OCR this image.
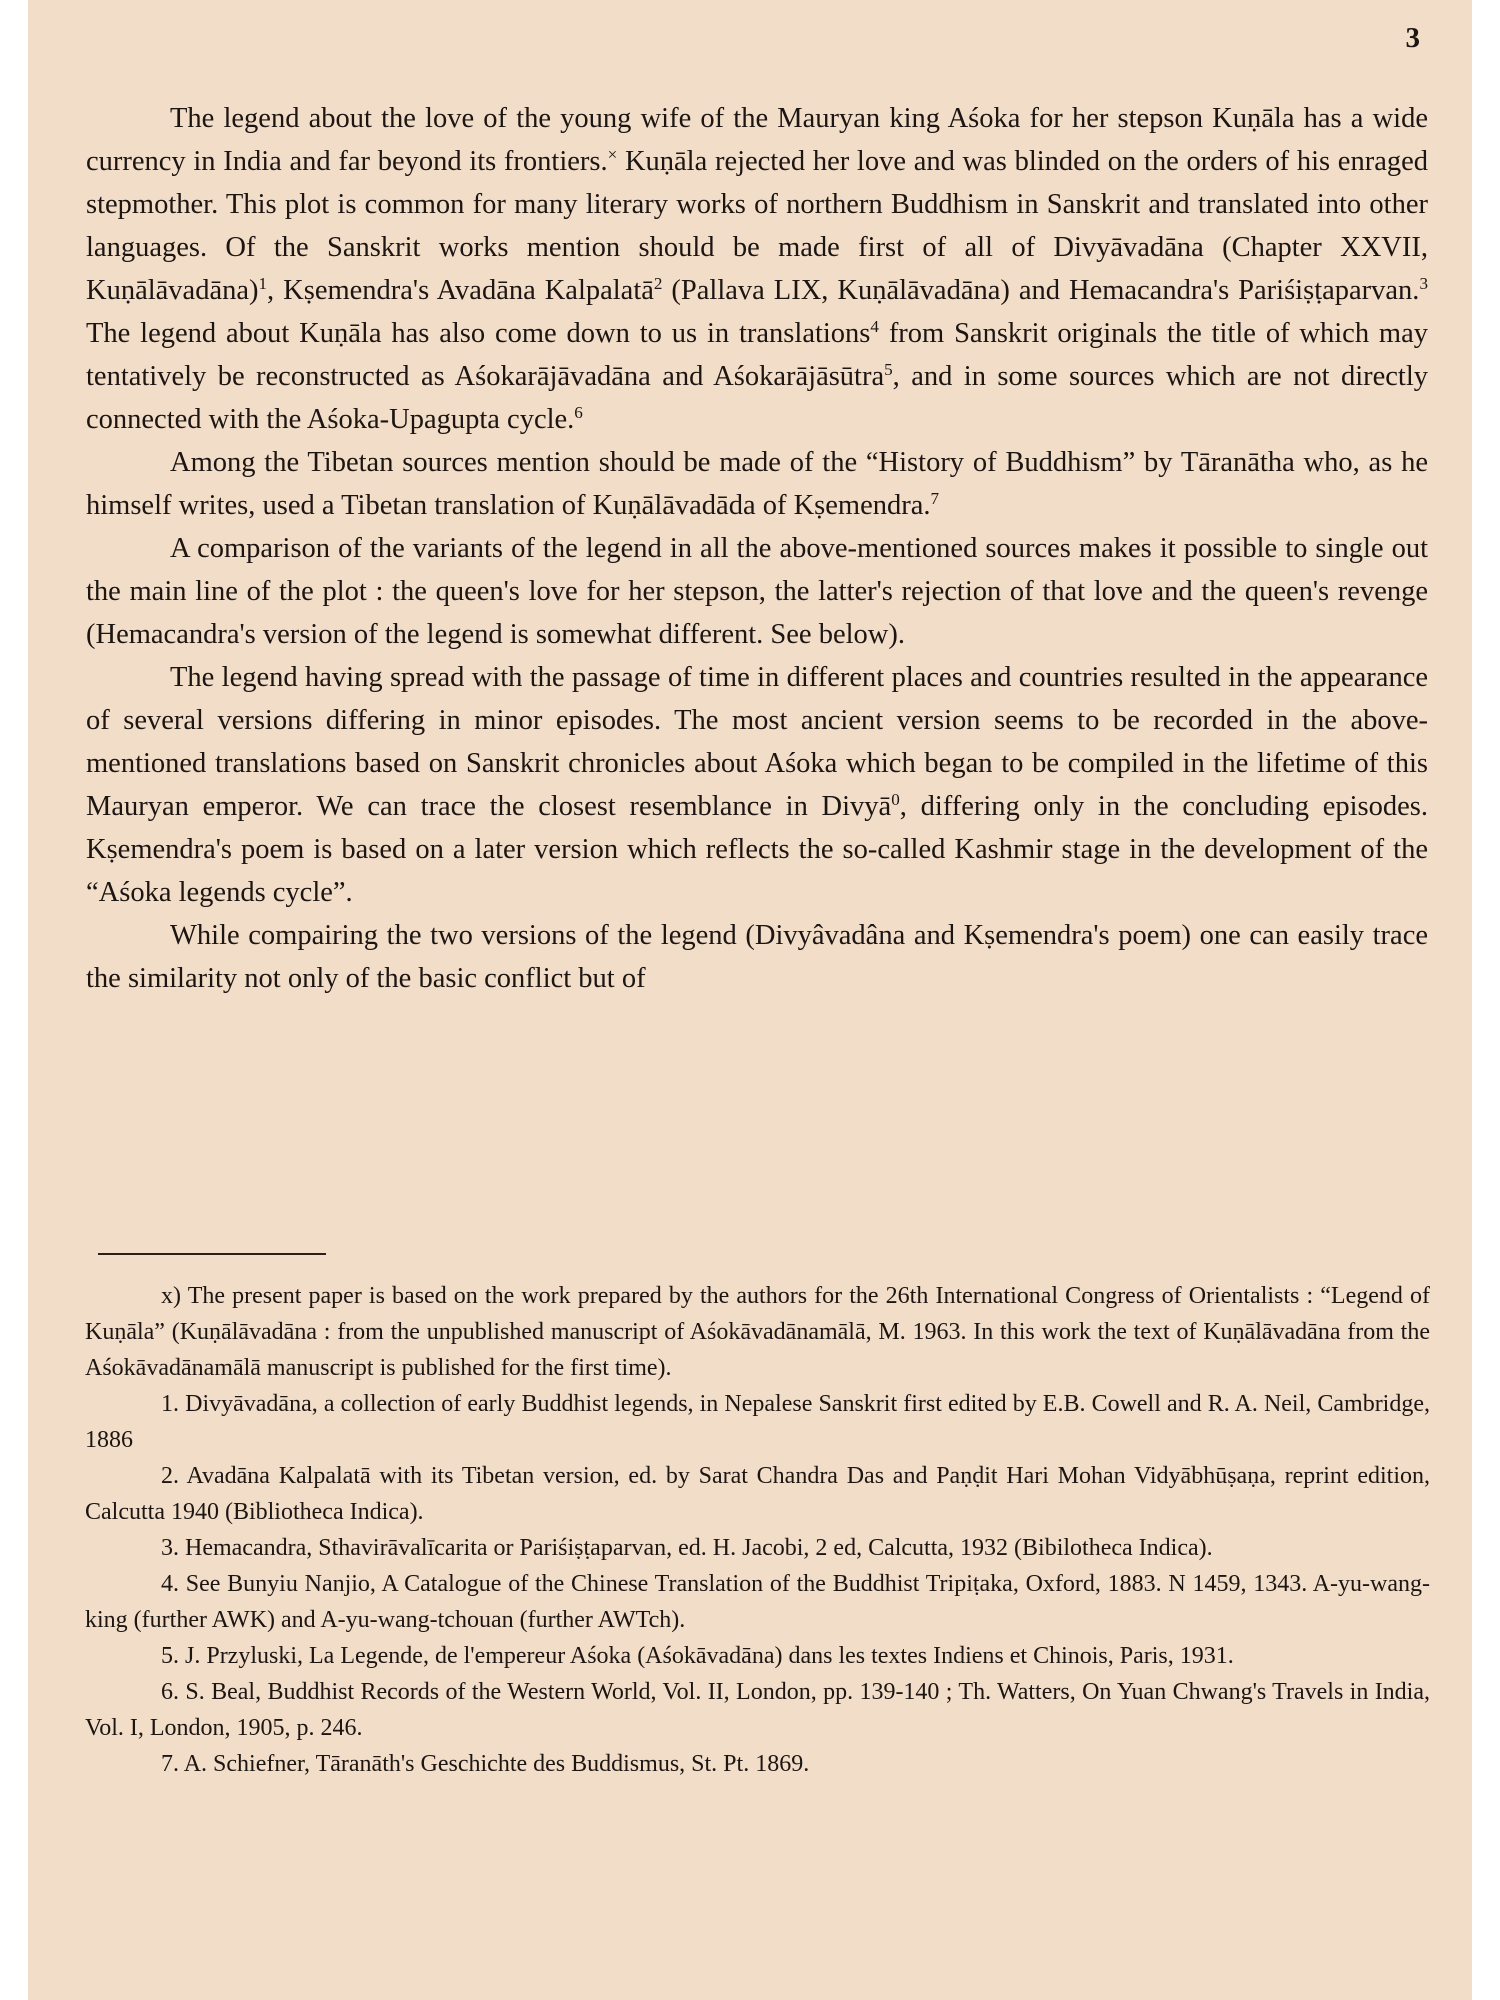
3

The legend about the love of the young wife of the Mauryan king Aśoka for her stepson Kuṇāla has a wide currency in India and far beyond its frontiers.× Kuṇāla rejected her love and was blinded on the orders of his enraged stepmother. This plot is common for many literary works of northern Buddhism in Sanskrit and translated into other languages. Of the Sanskrit works mention should be made first of all of Divyāvadāna (Chapter XXVII, Kuṇālāvadāna)$^1$, Kṣemendra's Avadāna Kalpalatā$^2$ (Pallava LIX, Kuṇālāvadāna) and Hemacandra's Pariśiṣṭaparvan.$^3$ The legend about Kuṇāla has also come down to us in translations$^4$ from Sanskrit originals the title of which may tentatively be reconstructed as Aśokarājāvadāna and Aśokarājāsūtra$^5$, and in some sources which are not directly connected with the Aśoka-Upagupta cycle.$^6$

Among the Tibetan sources mention should be made of the “History of Buddhism” by Tāranātha who, as he himself writes, used a Tibetan translation of Kuṇālāvadāda of Kṣemendra.$^7$

A comparison of the variants of the legend in all the above-mentioned sources makes it possible to single out the main line of the plot : the queen's love for her stepson, the latter's rejection of that love and the queen's revenge (Hemacandra's version of the legend is somewhat different. See below).

The legend having spread with the passage of time in different places and countries resulted in the appearance of several versions differing in minor episodes. The most ancient version seems to be recorded in the above-mentioned translations based on Sanskrit chronicles about Aśoka which began to be compiled in the lifetime of this Mauryan emperor. We can trace the closest resemblance in Divyā$^0$, differing only in the concluding episodes. Kṣemendra's poem is based on a later version which reflects the so-called Kashmir stage in the development of the “Aśoka legends cycle”.

While compairing the two versions of the legend (Divyâvadâna and Kṣemendra's poem) one can easily trace the similarity not only of the basic conflict but of

x) The present paper is based on the work prepared by the authors for the 26th International Congress of Orientalists : “Legend of Kuṇāla” (Kuṇālāvadāna : from the unpublished manuscript of Aśokāvadānamālā, M. 1963. In this work the text of Kuṇālāvadāna from the Aśokāvadānamālā manuscript is published for the first time).

1. Divyāvadāna, a collection of early Buddhist legends, in Nepalese Sanskrit first edited by E.B. Cowell and R. A. Neil, Cambridge, 1886

2. Avadāna Kalpalatā with its Tibetan version, ed. by Sarat Chandra Das and Paṇḍit Hari Mohan Vidyābhūṣaṇa, reprint edition, Calcutta 1940 (Bibliotheca Indica).

3. Hemacandra, Sthavirāvalīcarita or Pariśiṣṭaparvan, ed. H. Jacobi, 2 ed, Calcutta, 1932 (Bibilotheca Indica).

4. See Bunyiu Nanjio, A Catalogue of the Chinese Translation of the Buddhist Tripiṭaka, Oxford, 1883. N 1459, 1343. A-yu-wang-king (further AWK) and A-yu-wang-tchouan (further AWTch).

5. J. Przyluski, La Legende, de l'empereur Aśoka (Aśokāvadāna) dans les textes Indiens et Chinois, Paris, 1931.

6. S. Beal, Buddhist Records of the Western World, Vol. II, London, pp. 139-140 ; Th. Watters, On Yuan Chwang's Travels in India, Vol. I, London, 1905, p. 246.

7. A. Schiefner, Tāranāth's Geschichte des Buddismus, St. Pt. 1869.
